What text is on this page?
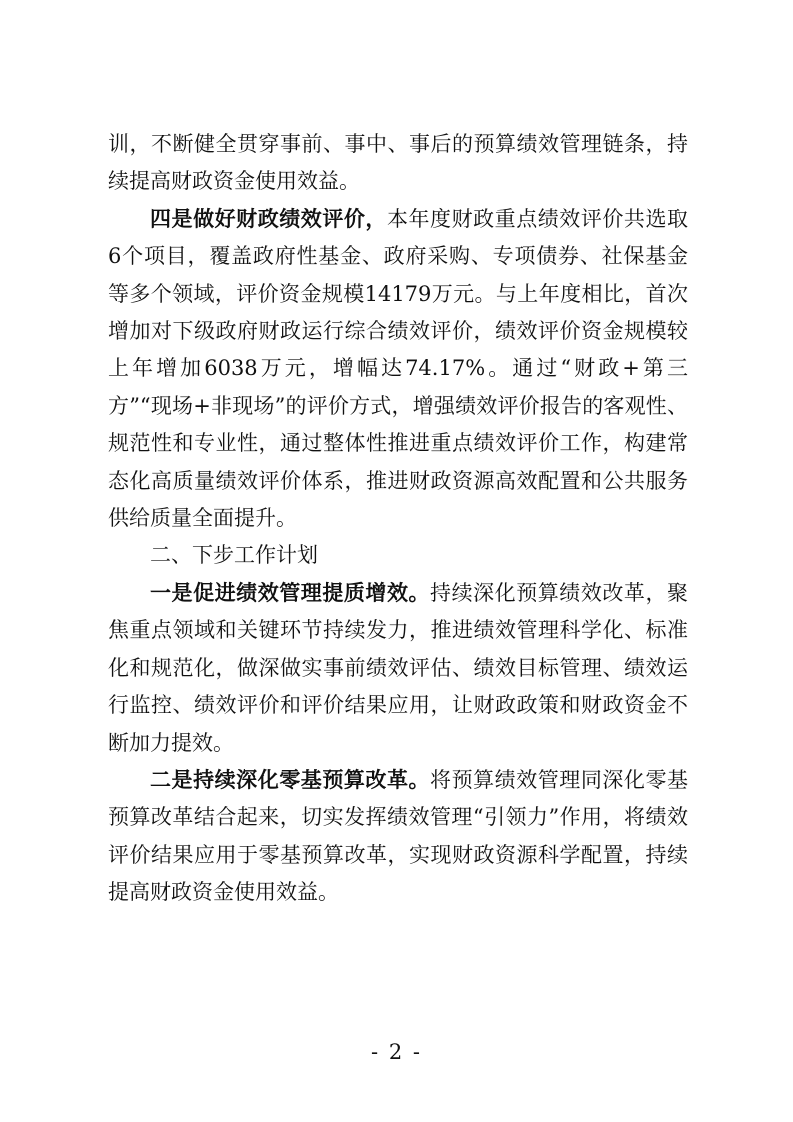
训，不断健全贯穿事前、事中、事后的预算绩效管理链条，持续提高财政资金使用效益。

四是做好财政绩效评价，本年度财政重点绩效评价共选取6个项目，覆盖政府性基金、政府采购、专项债券、社保基金等多个领域，评价资金规模14179万元。与上年度相比，首次增加对下级政府财政运行综合绩效评价，绩效评价资金规模较上年增加6038万元，增幅达74.17%。通过“财政+第三方”“现场+非现场”的评价方式，增强绩效评价报告的客观性、规范性和专业性，通过整体性推进重点绩效评价工作，构建常态化高质量绩效评价体系，推进财政资源高效配置和公共服务供给质量全面提升。

二、下步工作计划

一是促进绩效管理提质增效。持续深化预算绩效改革，聚焦重点领域和关键环节持续发力，推进绩效管理科学化、标准化和规范化，做深做实事前绩效评估、绩效目标管理、绩效运行监控、绩效评价和评价结果应用，让财政政策和财政资金不断加力提效。

二是持续深化零基预算改革。将预算绩效管理同深化零基预算改革结合起来，切实发挥绩效管理“引领力”作用，将绩效评价结果应用于零基预算改革，实现财政资源科学配置，持续提高财政资金使用效益。

- 2 -
